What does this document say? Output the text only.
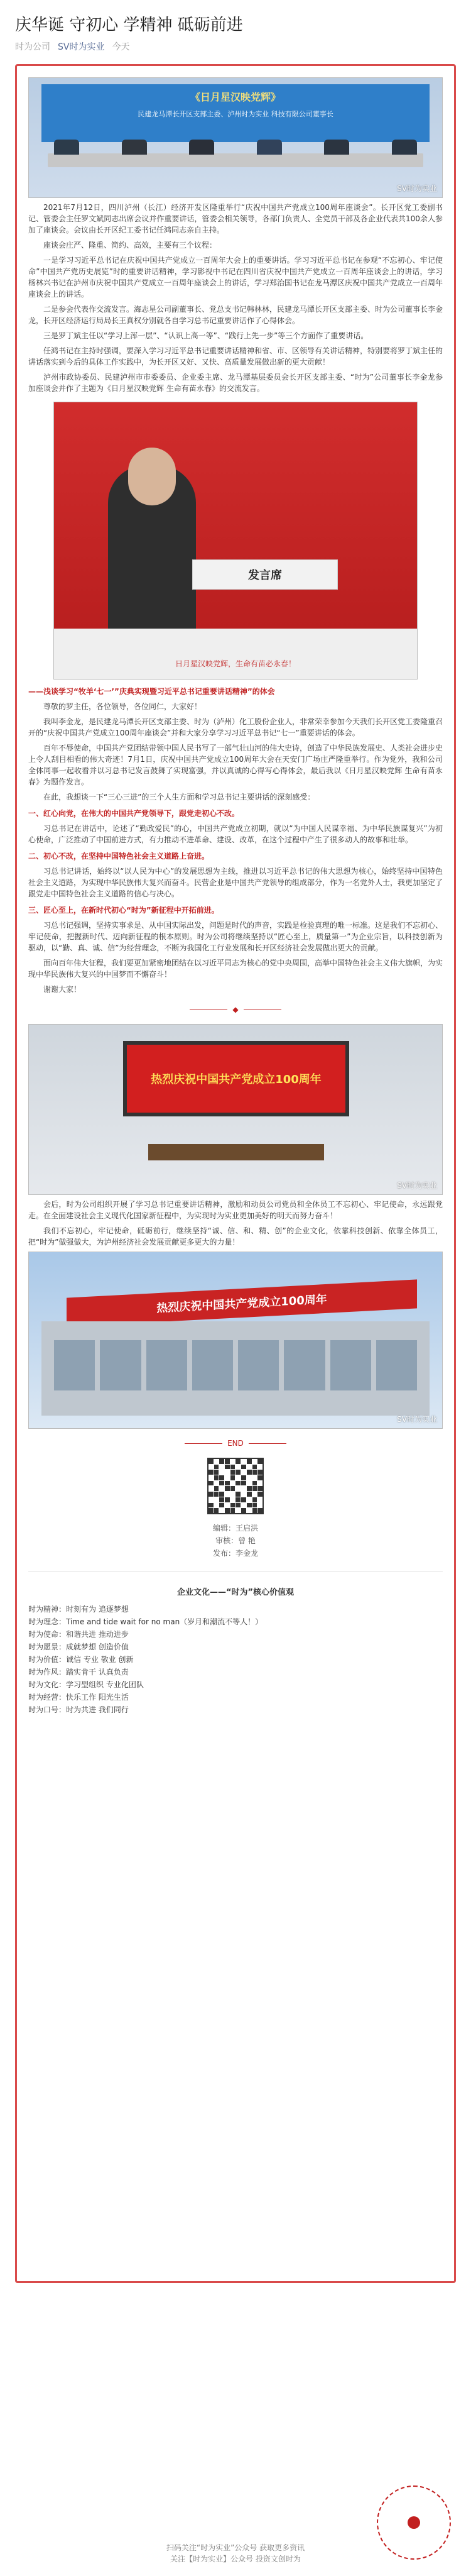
庆华诞 守初心 学精神 砥砺前进
时为公司 SV时为实业 今天
《日月星汉映党辉》
民建龙马潭长开区支部主委、泸州时为实业 科技有限公司董事长
SV时为实业
2021年7月12日，四川泸州（长江）经济开发区隆重举行“庆祝中国共产党成立100周年座谈会”。长开区党工委副书记、管委会主任罗文斌同志出席会议并作重要讲话，管委会相关领导，各部门负责人、全党员干部及各企业代表共100余人参加了座谈会。会议由长开区纪工委书记任鸿同志亲自主持。
座谈会庄严、隆重、简约、高效，主要有三个议程：
一是学习习近平总书记在庆祝中国共产党成立一百周年大会上的重要讲话。学习习近平总书记在参观“不忘初心、牢记使命”中国共产党历史展览”时的重要讲话精神，学习影视中书记在四川省庆祝中国共产党成立一百周年座谈会上的讲话，学习杨林兴书记在泸州市庆祝中国共产党成立一百周年座谈会上的讲话，学习郑治国书记在龙马潭区庆祝中国共产党成立一百周年座谈会上的讲话。
二是参会代表作交流发言。海志星公司副董事长、党总支书记韩林林，民建龙马潭长开区支部主委、时为公司董事长李金龙，长开区经济运行局局长王真权分别就各自学习总书记重要讲话作了心得体会。
三是罗丁斌主任以“学习上浑一层”、“认识上高一等”、“践行上先一步”等三个方面作了重要讲话。
任鸿书记在主持时强调，要深入学习习近平总书记重要讲话精神和省、市、区领导有关讲话精神，特别要将罗丁斌主任的讲话落实到今后的具体工作实践中，为长开区又好、又快、高质量发展做出新的更大贡献！
泸州市政协委员、民建泸州市市委委员、企业委主席、龙马潭基层委员会长开区支部主委、“时为”公司董事长李金龙参加座谈会并作了主题为《日月星汉映党辉 生命有苗永春》的交流发言。
发言席
日月星汉映党辉，生命有苗必永春！
——浅谈学习“牧羊‘七一’”庆典实现暨习近平总书记重要讲话精神”的体会
尊敬的罗主任，各位领导，各位同仁，大家好！
我叫李金龙，是民建龙马潭长开区支部主委、时为（泸州）化工股份企业人，非常荣幸参加今天我们长开区党工委隆重召开的“庆祝中国共产党成立100周年座谈会”并和大家分享学习习近平总书记“七一”重要讲话的体会。
百年不辱使命，中国共产党团结带领中国人民书写了一部气壮山河的伟大史诗，创造了中华民族发展史、人类社会进步史上令人刮目相看的伟大奇迹！7月1日，庆祝中国共产党成立100周年大会在天安门广场庄严隆重举行。作为党外，我和公司全体同事一起收看并以习总书记发言鼓舞了实现富强，并以真诚的心得写心得体会，最后我以《日月星汉映党辉 生命有苗永春》为题作发言。
在此，我想谈一下“三心三进”的三个人生方面和学习总书记主要讲话的深刻感受：
一、红心向党，在伟大的中国共产党领导下，跟党走初心不改。
习总书记在讲话中，论述了“勤政爱民”的心，中国共产党成立初期，就以“为中国人民谋幸福、为中华民族谋复兴”为初心使命，广泛推动了中国前进方式，有力推动不进革命、建设、改革，在这个过程中产生了很多动人的故事和壮举。
二、初心不改，在坚持中国特色社会主义道路上奋进。
习总书记讲话，始终以“以人民为中心”的发展思想为主线，推进以习近平总书记的伟大思想为核心，始终坚持中国特色社会主义道路，为实现中华民族伟大复兴而奋斗。民营企业是中国共产党领导的组成部分，作为一名党外人士，我更加坚定了跟党走中国特色社会主义道路的信心与决心。
三、匠心至上，在新时代初心“时为”新征程中开拓前进。
习总书记强调，坚持实事求是、从中国实际出发，问题是时代的声音，实践是检验真理的唯一标准。这是我们不忘初心、牢记使命，把握新时代、迈向新征程的根本原则。时为公司将继续坚持以“匠心至上，质量第一”为企业宗旨，以科技创新为驱动，以“勤、真、诚、信”为经营理念，不断为我国化工行业发展和长开区经济社会发展做出更大的贡献。
面向百年伟大征程，我们要更加紧密地团结在以习近平同志为核心的党中央周围，高举中国特色社会主义伟大旗帜，为实现中华民族伟大复兴的中国梦而不懈奋斗！
谢谢大家！
◆
热烈庆祝中国共产党成立100周年
SV时为实业
会后，时为公司组织开展了学习总书记重要讲话精神，激励和动员公司党员和全体员工不忘初心、牢记使命，永远跟党走。在全面建设社会主义现代化国家新征程中，为实现时为实业更加美好的明天而努力奋斗！
我们不忘初心，牢记使命，砥砺前行，继续坚持“诚、信、和、精、创”的企业文化，依靠科技创新、依靠全体员工，把“时为”做强做大，为泸州经济社会发展贡献更多更大的力量！
热烈庆祝中国共产党成立100周年
SV时为实业
END
编辑：王启洪
审核：曾 艳
发布：李金龙
企业文化——“时为”核心价值观
时为精神：时刻有为 追逐梦想
时为理念：Time and tide wait for no man（岁月和潮流不等人！）
时为使命：和谐共进 推动进步
时为愿景：成就梦想 创造价值
时为价值：诚信 专业 敬业 创新
时为作风：踏实肯干 认真负责
时为文化：学习型组织 专业化团队
时为经营：快乐工作 阳光生活
时为口号：时为共进 我们同行
扫码关注“时为实业”公众号 获取更多资讯
关注【时为实业】公众号 投资文创时为
